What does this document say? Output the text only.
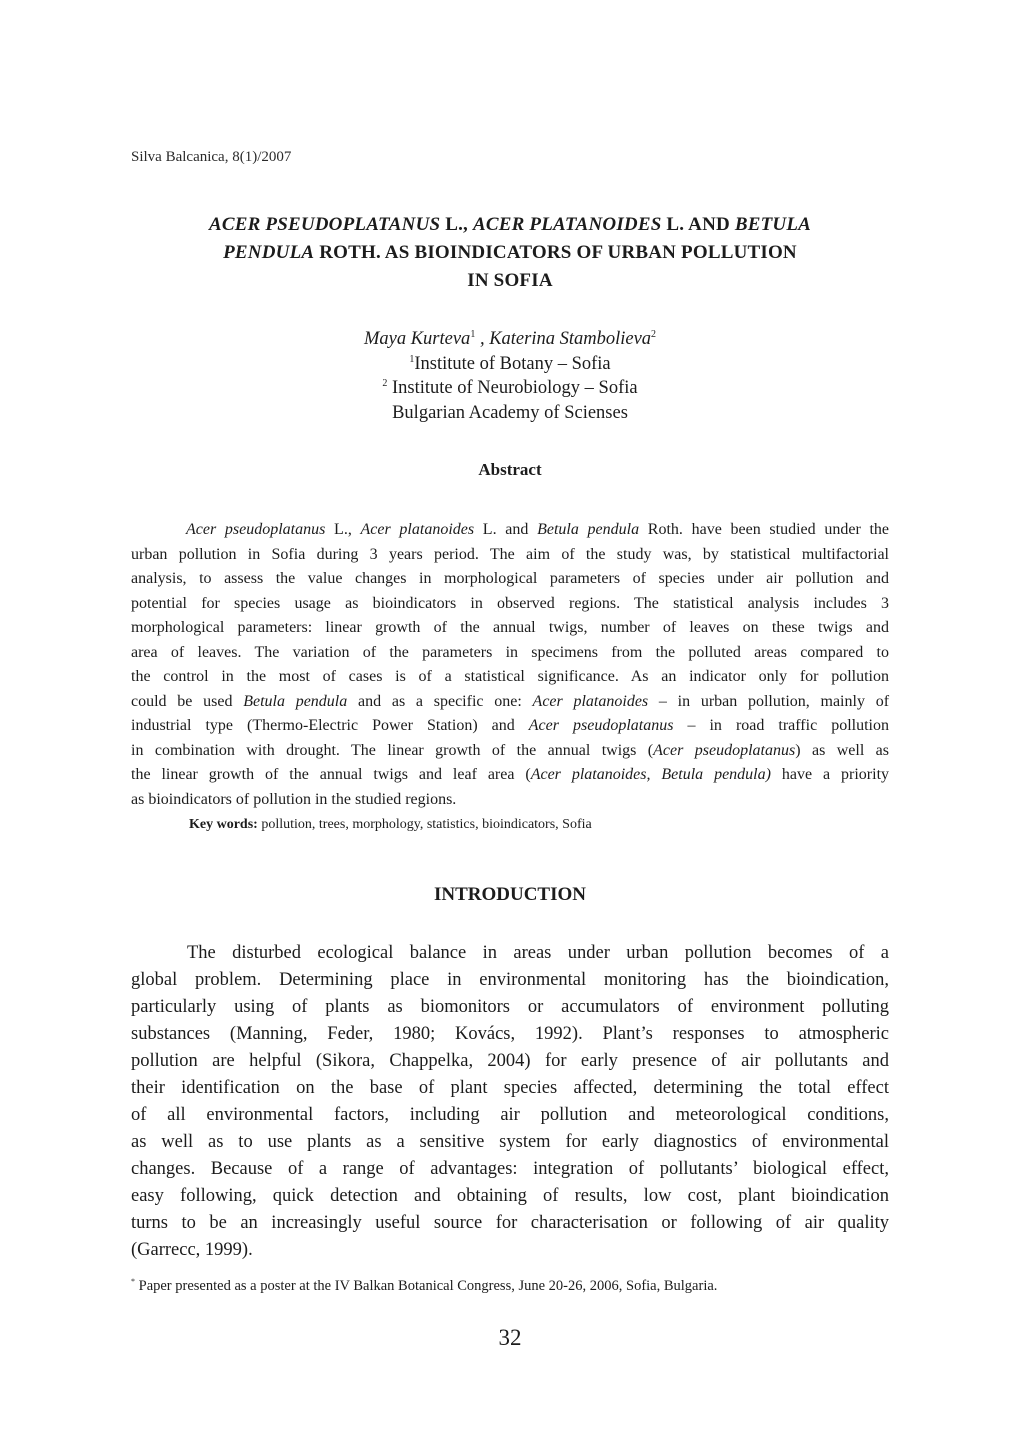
Silva Balcanica, 8(1)/2007
ACER PSEUDOPLATANUS L., ACER PLATANOIDES L. AND BETULA
PENDULA ROTH. AS BIOINDICATORS OF URBAN POLLUTION
IN SOFIA
Maya Kurteva$^1$ , Katerina Stambolieva$^2$
$^1$Institute of Botany – Sofia
$^2$ Institute of Neurobiology – Sofia
Bulgarian Academy of Scienses
Abstract
Acer pseudoplatanus L., Acer platanoides L. and Betula pendula Roth. have been studied under the
urban pollution in Sofia during 3 years period. The aim of the study was, by statistical multifactorial
analysis, to assess the value changes in morphological parameters of species under air pollution and
potential for species usage as bioindicators in observed regions. The statistical analysis includes 3
morphological parameters: linear growth of the annual twigs, number of leaves on these twigs and
area of leaves. The variation of the parameters in specimens from the polluted areas compared to
the control in the most of cases is of a statistical significance. As an indicator only for pollution
could be used Betula pendula and as a specific one: Acer platanoides – in urban pollution, mainly of
industrial type (Thermo-Electric Power Station) and Acer pseudoplatanus – in road traffic pollution
in combination with drought. The linear growth of the annual twigs (Acer pseudoplatanus) as well as
the linear growth of the annual twigs and leaf area (Acer platanoides, Betula pendula) have a priority
as bioindicators of pollution in the studied regions.
Key words: pollution, trees, morphology, statistics, bioindicators, Sofia
INTRODUCTION
The disturbed ecological balance in areas under urban pollution becomes of a
global problem. Determining place in environmental monitoring has the bioindication,
particularly using of plants as biomonitors or accumulators of environment polluting
substances (Manning, Feder, 1980; Kovács, 1992). Plant’s responses to atmospheric
pollution are helpful (Sikora, Chappelka, 2004) for early presence of air pollutants and
their identification on the base of plant species affected, determining the total effect
of all environmental factors, including air pollution and meteorological conditions,
as well as to use plants as a sensitive system for early diagnostics of environmental
changes. Because of a range of advantages: integration of pollutants’ biological effect,
easy following, quick detection and obtaining of results, low cost, plant bioindication
turns to be an increasingly useful source for characterisation or following of air quality
(Garrecc, 1999).
* Paper presented as a poster at the IV Balkan Botanical Congress, June 20-26, 2006, Sofia, Bulgaria.
32
